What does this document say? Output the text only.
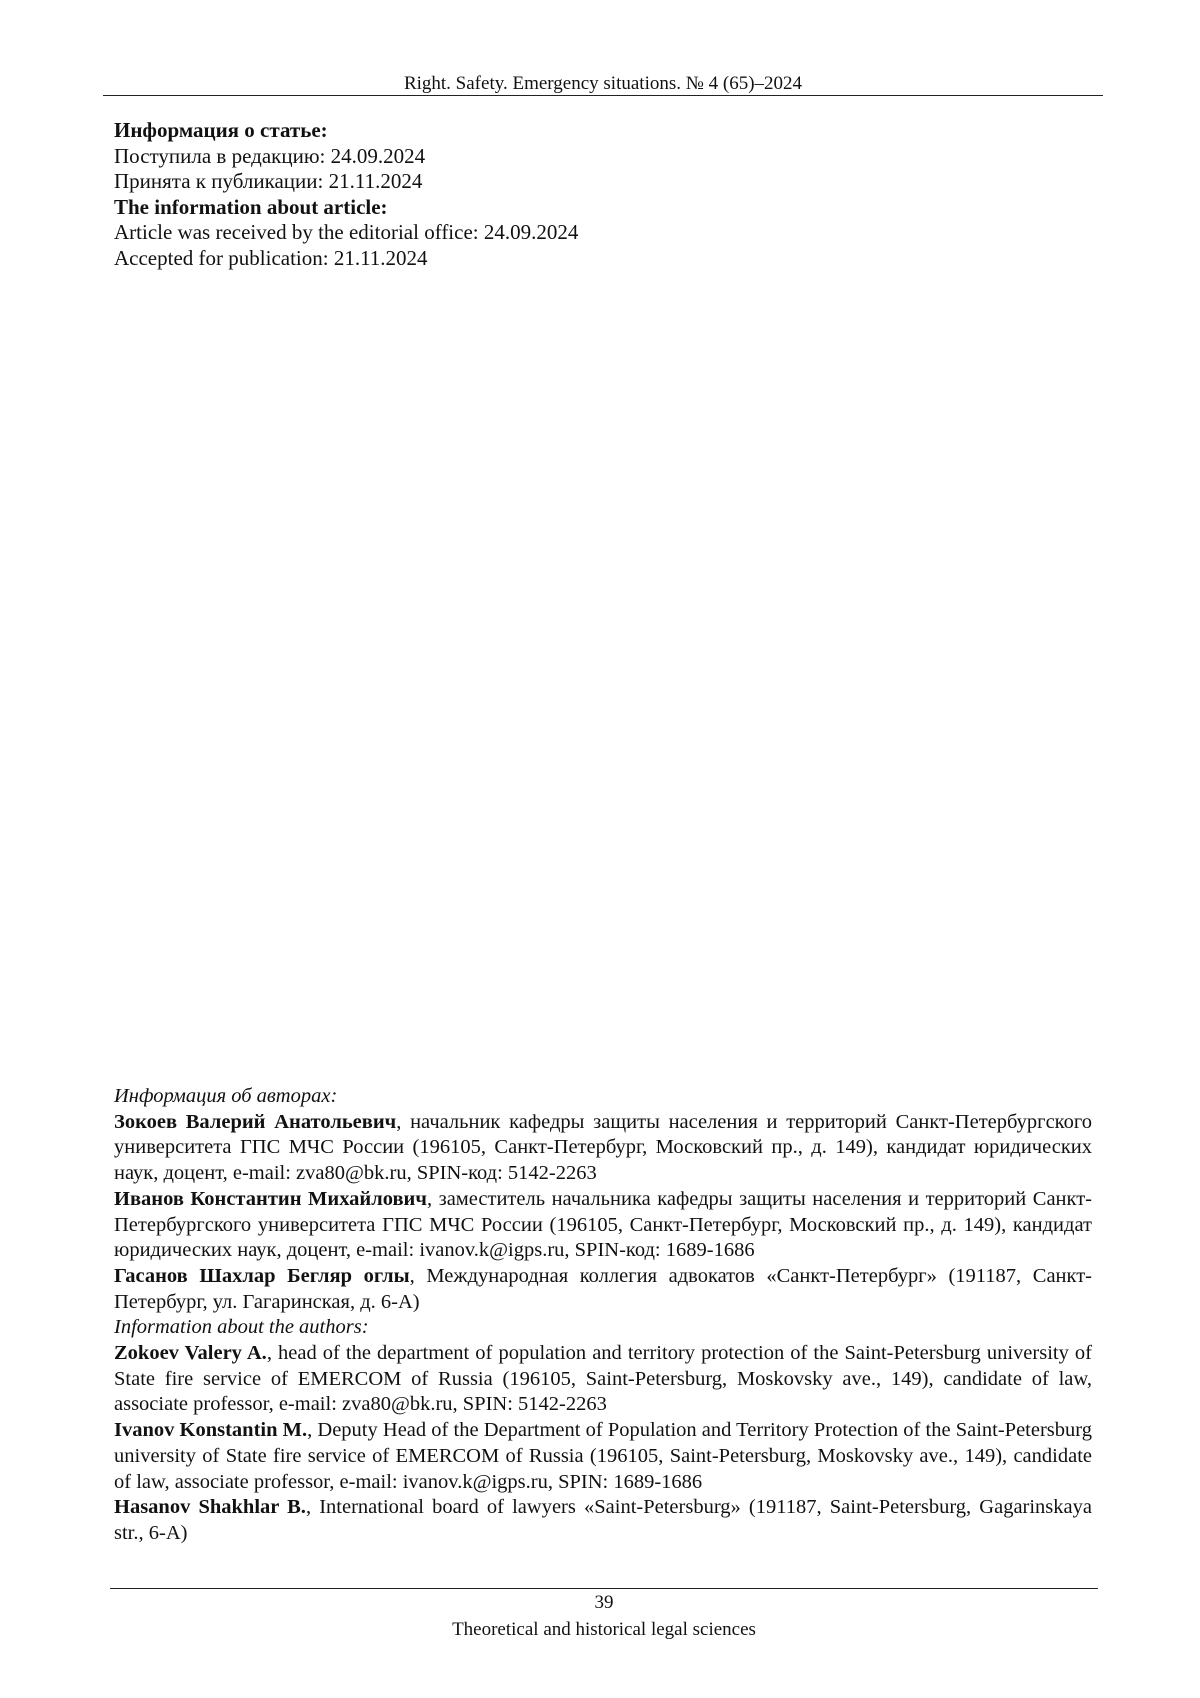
Right. Safety. Emergency situations. № 4 (65)–2024
Информация о статье:
Поступила в редакцию: 24.09.2024
Принята к публикации: 21.11.2024
The information about article:
Article was received by the editorial office: 24.09.2024
Accepted for publication: 21.11.2024

Информация об авторах:

Зокоев Валерий Анатольевич, начальник кафедры защиты населения и территорий Санкт-Петербургского университета ГПС МЧС России (196105, Санкт-Петербург, Московский пр., д. 149), кандидат юридических наук, доцент, e-mail: zva80@bk.ru, SPIN-код: 5142-2263

Иванов Константин Михайлович, заместитель начальника кафедры защиты населения и территорий Санкт-Петербургского университета ГПС МЧС России (196105, Санкт-Петербург, Московский пр., д. 149), кандидат юридических наук, доцент, e-mail: ivanov.k@igps.ru, SPIN-код: 1689-1686

Гасанов Шахлар Бегляр оглы, Международная коллегия адвокатов «Санкт-Петербург» (191187, Санкт-Петербург, ул. Гагаринская, д. 6-А)

Information about the authors:

Zokoev Valery A., head of the department of population and territory protection of the Saint-Petersburg university of State fire service of EMERCOM of Russia (196105, Saint-Petersburg, Moskovsky ave., 149), candidate of law, associate professor, e-mail: zva80@bk.ru, SPIN: 5142-2263

Ivanov Konstantin M., Deputy Head of the Department of Population and Territory Protection of the Saint-Petersburg university of State fire service of EMERCOM of Russia (196105, Saint-Petersburg, Moskovsky ave., 149), candidate of law, associate professor, e-mail: ivanov.k@igps.ru, SPIN: 1689-1686

Hasanov Shakhlar B., International board of lawyers «Saint-Petersburg» (191187, Saint-Petersburg, Gagarinskaya str., 6-A)

39
Theoretical and historical legal sciences
